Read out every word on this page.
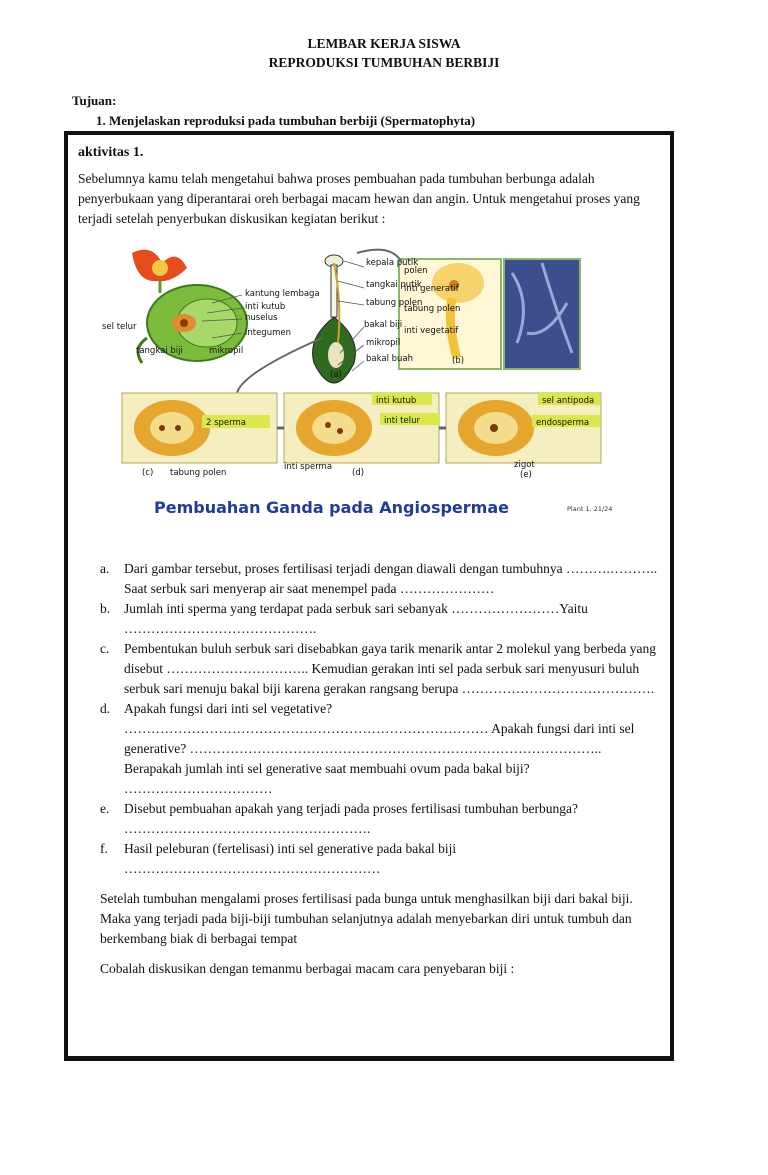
LEMBAR KERJA SISWA
REPRODUKSI TUMBUHAN BERBIJI
Tujuan:
1. Menjelaskan reproduksi pada tumbuhan berbiji (Spermatophyta)
aktivitas 1.

Sebelumnya kamu telah mengetahui bahwa proses pembuahan pada tumbuhan berbunga adalah penyerbukaan yang diperantarai oreh berbagai macam hewan dan angin. Untuk mengetahui proses yang terjadi setelah penyerbukan diskusikan kegiatan berikut :

kantung lembaga
inti kutub
nuselus
integumen
sel telur
tangkai biji	mikropil
kepala putik
tangkai putik
tabung polen
bakal biji
mikropil
bakal buah
polen
inti generatif
tabung polen
inti vegetatif
(a)
(b)
2 sperma
tabung polen
(c)
inti sperma
inti kutub
inti telur
(d)
sel antipoda
endosperma
zigot
(e)
Pembuahan Ganda pada Angiospermae	Plant 1. 21/24
a. Dari gambar tersebut, proses fertilisasi terjadi dengan diawali dengan tumbuhnya ……….……….. Saat serbuk sari menyerap air saat menempel pada …………………
b. Jumlah inti sperma yang terdapat pada serbuk sari sebanyak ……………………Yaitu …………………………………….
c. Pembentukan buluh serbuk sari disebabkan gaya tarik menarik antar 2 molekul yang berbeda yang disebut ………………………….. Kemudian gerakan inti sel pada serbuk sari menyusuri buluh serbuk sari menuju bakal biji karena gerakan rangsang berupa …………………………………….
d. Apakah fungsi dari inti sel vegetative? ……………………………………………………………………… Apakah fungsi dari inti sel generative? ……………………………………………………………………………….. Berapakah jumlah inti sel generative saat membuahi ovum pada bakal biji? ……………………………
e. Disebut pembuahan apakah yang terjadi pada proses fertilisasi tumbuhan berbunga? ……………………………………………….
f. Hasil peleburan (fertelisasi) inti sel generative pada bakal biji …………………………………………………

Setelah tumbuhan mengalami proses fertilisasi pada bunga untuk menghasilkan biji dari bakal biji. Maka yang terjadi pada biji-biji tumbuhan selanjutnya adalah menyebarkan diri untuk tumbuh dan berkembang biak di berbagai tempat

Cobalah diskusikan dengan temanmu berbagai macam cara penyebaran biji :
